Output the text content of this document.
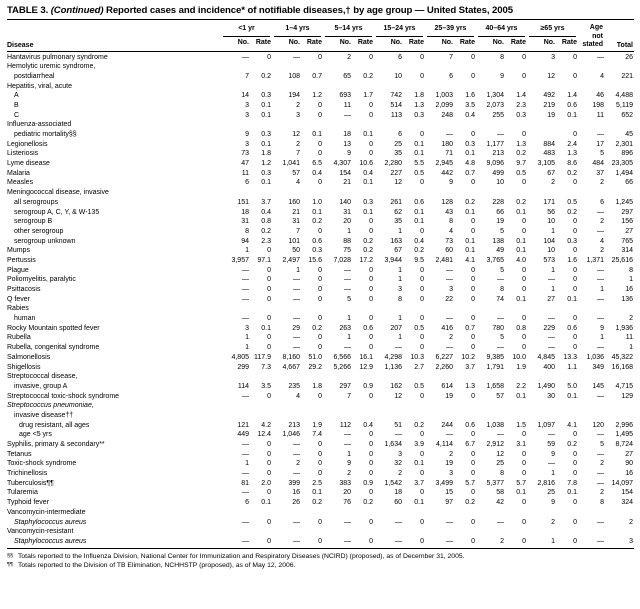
TABLE 3. (Continued) Reported cases and incidence* of notifiable diseases,† by age group — United States, 2005
<1 yr	1–4 yrs	5–14 yrs	15–24 yrs	25–39 yrs	40–64 yrs	≥65 yrs	Age not stated
Disease	No. Rate	No. Rate	No. Rate	No. Rate	No. Rate	No. Rate	No. Rate	Total
Hantavirus pulmonary syndrome	—	0	—	0	2	0	6	0	7	0	8	0	3	0	—	26
Hemolytic uremic syndrome,
postdiarrheal	7	0.2	108	0.7	65	0.2	10	0	6	0	9	0	12	0	4	221
Hepatitis, viral, acute
A	14	0.3	194	1.2	693	1.7	742	1.8	1,003	1.6	1,304	1.4	492	1.4	46	4,488
B	3	0.1	2	0	11	0	514	1.3	2,099	3.5	2,073	2.3	219	0.6	198	5,119
C	3	0.1	3	0	—	0	113	0.3	248	0.4	255	0.3	19	0.1	11	652
Influenza-associated
pediatric mortality§§	9	0.3	12	0.1	18	0.1	6	0	—	0	—	0	0	—	45
Legionellosis	3	0.1	2	0	13	0	25	0.1	180	0.3	1,177	1.3	884	2.4	17	2,301
Listeriosis	73	1.8	7	0	9	0	35	0.1	71	0.1	213	0.2	483	1.3	5	896
Lyme disease	47	1.2	1,041	6.5	4,307	10.6	2,280	5.5	2,945	4.8	9,096	9.7	3,105	8.6	484	23,305
Malaria	11	0.3	57	0.4	154	0.4	227	0.5	442	0.7	499	0.5	67	0.2	37	1,494
Measles	6	0.1	4	0	21	0.1	12	0	9	0	10	0	2	0	2	66
Meningococcal disease, invasive
all serogroups	151	3.7	160	1.0	140	0.3	261	0.6	128	0.2	228	0.2	171	0.5	6	1,245
serogroup A, C, Y, & W-135	18	0.4	21	0.1	31	0.1	62	0.1	43	0.1	66	0.1	56	0.2	—	297
serogroup B	31	0.8	31	0.2	20	0	35	0.1	8	0	19	0	10	0	2	156
other serogroup	8	0.2	7	0	1	0	1	0	4	0	5	0	1	0	—	27
serogroup unknown	94	2.3	101	0.6	88	0.2	163	0.4	73	0.1	138	0.1	104	0.3	4	765
Mumps	1	0	50	0.3	75	0.2	67	0.2	60	0.1	49	0.1	10	0	2	314
Pertussis	3,957	97.1	2,497	15.6	7,028	17.2	3,944	9.5	2,481	4.1	3,765	4.0	573	1.6	1,371	25,616
Plague	—	0	1	0	—	0	1	0	—	0	5	0	1	0	—	8
Poliomyelitis, paralytic	—	0	—	0	—	0	1	0	—	0	—	0	—	0	—	1
Psittacosis	—	0	—	0	—	0	3	0	3	0	8	0	1	0	1	16
Q fever	—	0	—	0	5	0	8	0	22	0	74	0.1	27	0.1	—	136
Rabies
human	—	0	—	0	1	0	1	0	—	0	—	0	—	0	—	2
Rocky Mountain spotted fever	3	0.1	29	0.2	263	0.6	207	0.5	416	0.7	780	0.8	229	0.6	9	1,936
Rubella	1	0	—	0	1	0	1	0	2	0	5	0	—	0	1	11
Rubella, congenital syndrome	1	0	—	0	—	0	—	0	—	0	—	0	—	0	—	1
Salmonellosis	4,805 117.9	8,160	51.0	6,566	16.1	4,298	10.3	6,227	10.2	9,385	10.0	4,845	13.3	1,036	45,322
Shigellosis	299	7.3	4,667	29.2	5,266	12.9	1,136	2.7	2,260	3.7	1,791	1.9	400	1.1	349	16,168
Streptococcal disease,
invasive, group A	114	3.5	235	1.8	297	0.9	162	0.5	614	1.3	1,658	2.2	1,490	5.0	145	4,715
Streptococcal toxic-shock syndrome	—	0	4	0	7	0	12	0	19	0	57	0.1	30	0.1	—	129
Streptococcus pneumoniae,
invasive disease††
drug resistant, all ages	121	4.2	213	1.9	112	0.4	51	0.2	244	0.6	1,038	1.5	1,097	4.1	120	2,996
age <5 yrs	449	12.4	1,046	7.4	—	0	—	0	—	0	—	0	—	0	—	1,495
Syphilis, primary & secondary**	—	0	—	0	—	0	1,634	3.9	4,114	6.7	2,912	3.1	59	0.2	5	8,724
Tetanus	—	0	—	0	1	0	3	0	2	0	12	0	9	0	—	27
Toxic-shock syndrome	1	0	2	0	9	0	32	0.1	19	0	25	0	—	0	2	90
Trichinellosis	—	0	—	0	2	0	2	0	3	0	8	0	1	0	—	16
Tuberculosis¶¶	81	2.0	399	2.5	383	0.9	1,542	3.7	3,499	5.7	5,377	5.7	2,816	7.8	—	14,097
Tularemia	—	0	16	0.1	20	0	18	0	15	0	58	0.1	25	0.1	2	154
Typhoid fever	6	0.1	26	0.2	76	0.2	60	0.1	97	0.2	42	0	9	0	8	324
Vancomycin-intermediate
Staphylococcus aureus	—	0	—	0	—	0	—	0	—	0	—	0	2	0	—	2
Vancomycin-resistant
Staphylococcus aureus	—	0	—	0	—	0	—	0	—	0	2	0	1	0	—	3
§§ Totals reported to the Influenza Division, National Center for Immunization and Respiratory Diseases (NCIRD) (proposed), as of December 31, 2005.
¶¶ Totals reported to the Division of TB Elimination, NCHHSTP (proposed), as of May 12, 2006.
